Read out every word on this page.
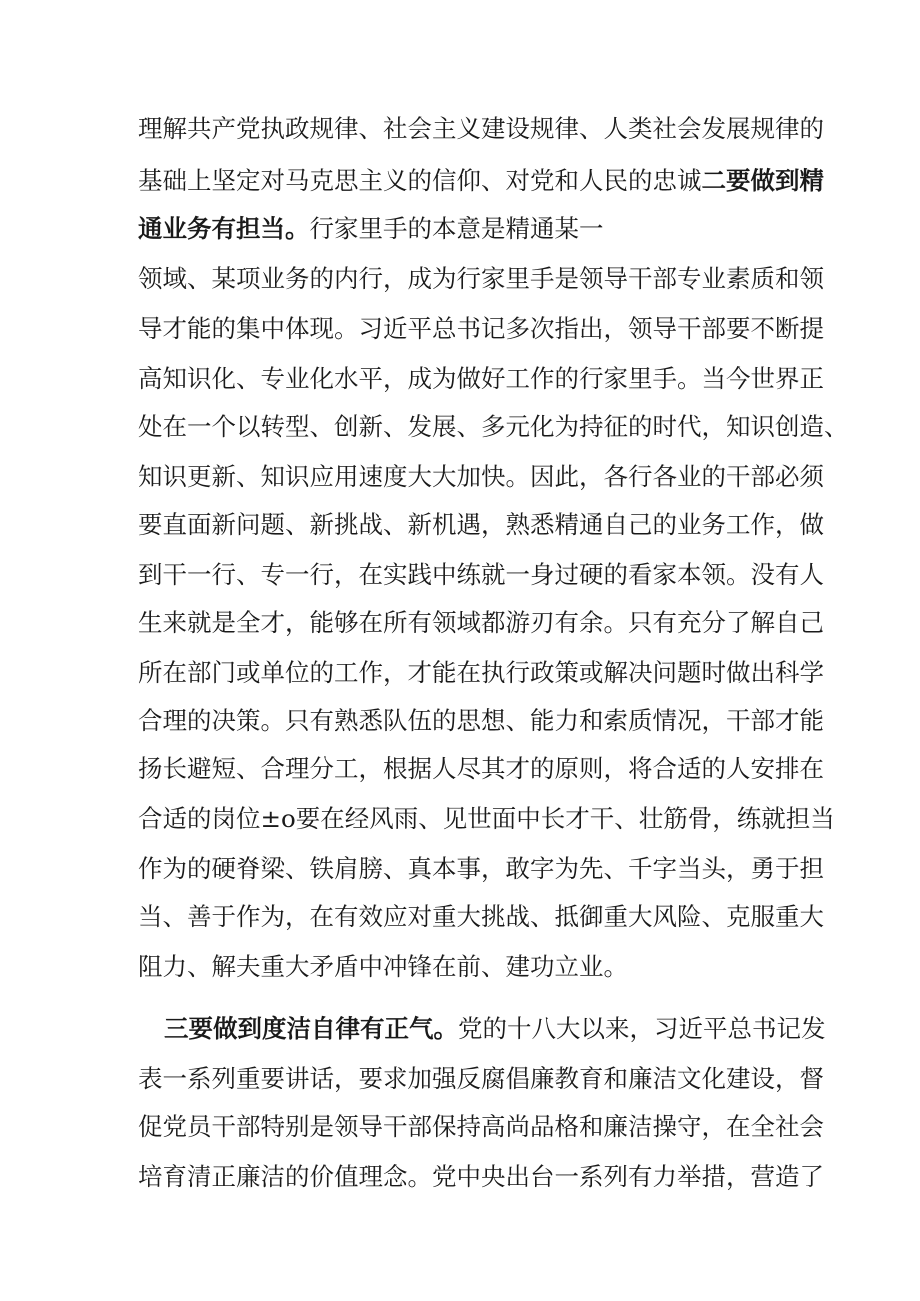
理解共产党执政规律、社会主义建设规律、人类社会发展规律的
基础上坚定对马克思主义的信仰、对党和人民的忠诚二要做到精
通业务有担当。行家里手的本意是精通某一
领域、某项业务的内行，成为行家里手是领导干部专业素质和领
导才能的集中体现。习近平总书记多次指出，领导干部要不断提
高知识化、专业化水平，成为做好工作的行家里手。当今世界正
处在一个以转型、创新、发展、多元化为持征的时代，知识创造、
知识更新、知识应用速度大大加快。因此，各行各业的干部必须
要直面新问题、新挑战、新机遇，熟悉精通自己的业务工作，做
到干一行、专一行，在实践中练就一身过硬的看家本领。没有人
生来就是全才，能够在所有领域都游刃有余。只有充分了解自己
所在部门或单位的工作，才能在执行政策或解决问题时做出科学
合理的决策。只有熟悉队伍的思想、能力和索质情况，干部才能
扬长避短、合理分工，根据人尽其才的原则，将合适的人安排在
合适的岗位±o要在经风雨、见世面中长才干、壮筋骨，练就担当
作为的硬脊梁、铁肩膀、真本事，敢字为先、千字当头，勇于担
当、善于作为，在有效应对重大挑战、抵御重大风险、克服重大
阻力、解夫重大矛盾中冲锋在前、建功立业。
三要做到度洁自律有正气。党的十八大以来，习近平总书记发
表一系列重要讲话，要求加强反腐倡廉教育和廉洁文化建设，督
促党员干部特别是领导干部保持高尚品格和廉洁操守，在全社会
培育清正廉洁的价值理念。党中央出台一系列有力举措，营造了
